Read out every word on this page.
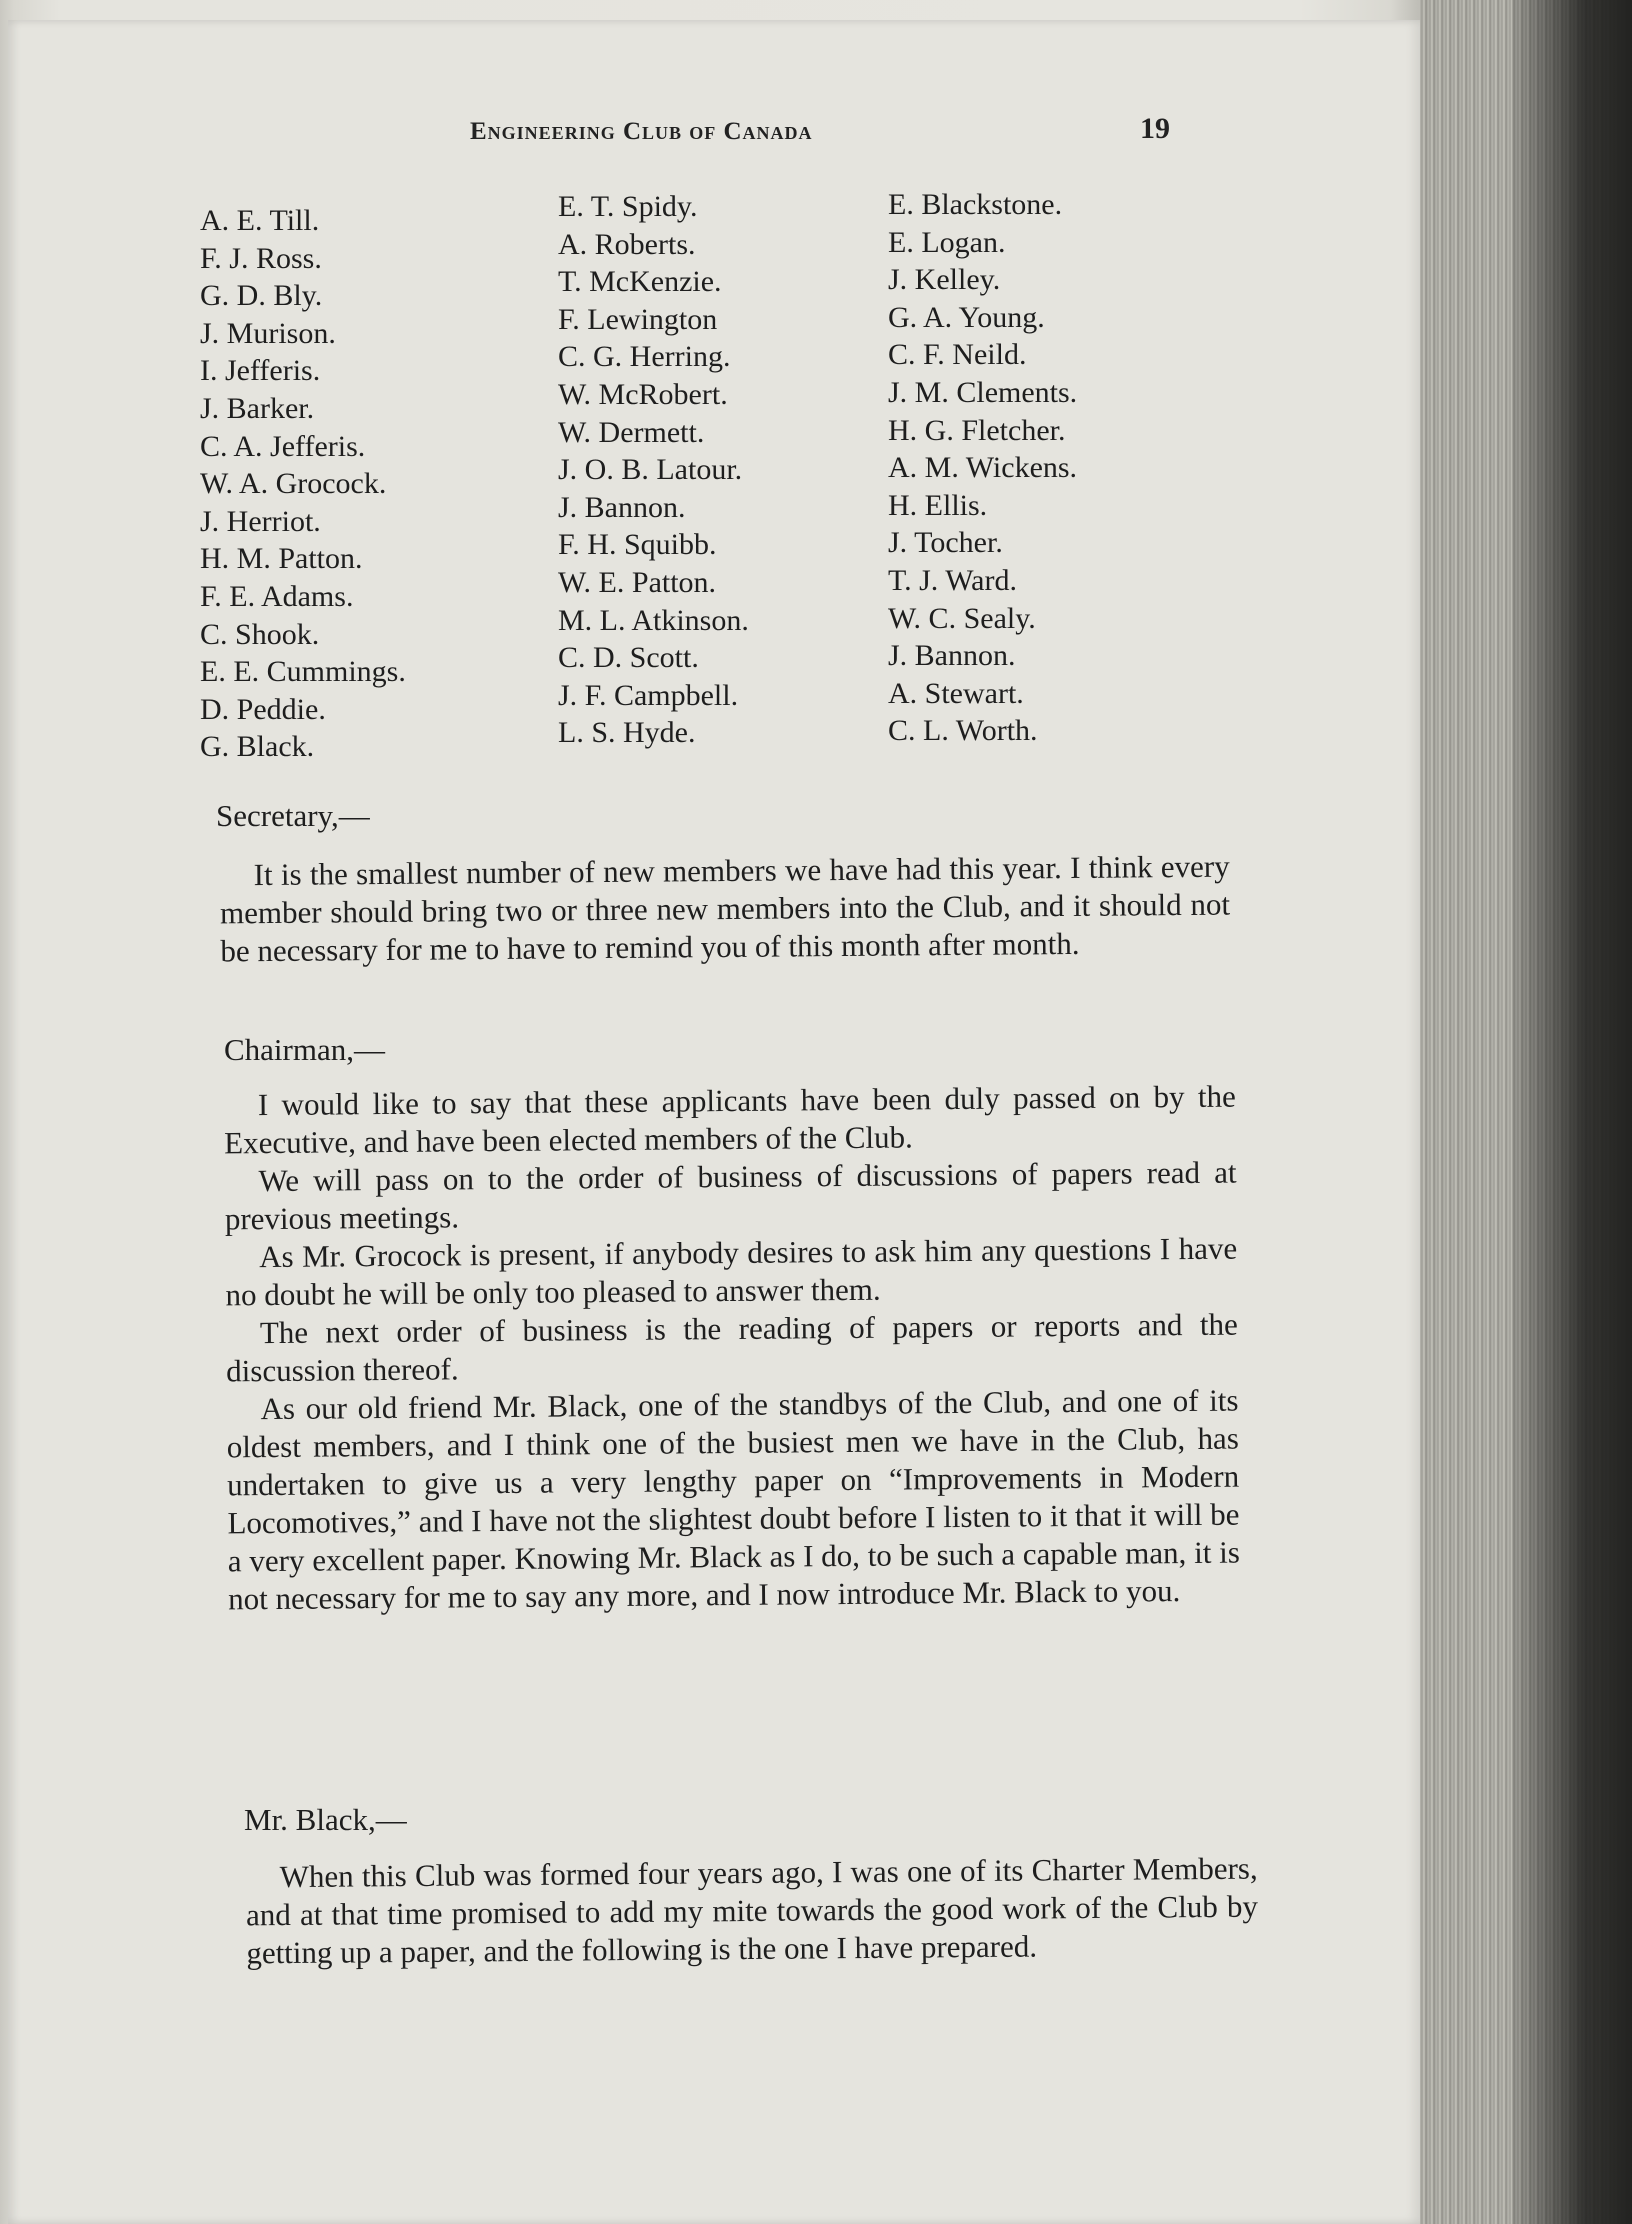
Engineering Club of Canada	19
A. E. Till.
F. J. Ross.
G. D. Bly.
J. Murison.
I. Jefferis.
J. Barker.
C. A. Jefferis.
W. A. Grocock.
J. Herriot.
H. M. Patton.
F. E. Adams.
C. Shook.
E. E. Cummings.
D. Peddie.
G. Black.
E. T. Spidy.
A. Roberts.
T. McKenzie.
F. Lewington
C. G. Herring.
W. McRobert.
W. Dermett.
J. O. B. Latour.
J. Bannon.
F. H. Squibb.
W. E. Patton.
M. L. Atkinson.
C. D. Scott.
J. F. Campbell.
L. S. Hyde.
E. Blackstone.
E. Logan.
J. Kelley.
G. A. Young.
C. F. Neild.
J. M. Clements.
H. G. Fletcher.
A. M. Wickens.
H. Ellis.
J. Tocher.
T. J. Ward.
W. C. Sealy.
J. Bannon.
A. Stewart.
C. L. Worth.
Secretary,—

It is the smallest number of new members we have had this year. I think every member should bring two or three new members into the Club, and it should not be necessary for me to have to remind you of this month after month.

Chairman,—

I would like to say that these applicants have been duly passed on by the Executive, and have been elected members of the Club.

We will pass on to the order of business of discussions of papers read at previous meetings.

As Mr. Grocock is present, if anybody desires to ask him any questions I have no doubt he will be only too pleased to answer them.

The next order of business is the reading of papers or reports and the discussion thereof.

As our old friend Mr. Black, one of the standbys of the Club, and one of its oldest members, and I think one of the busiest men we have in the Club, has undertaken to give us a very lengthy paper on “Improvements in Modern Locomotives,” and I have not the slightest doubt before I listen to it that it will be a very excellent paper. Knowing Mr. Black as I do, to be such a capable man, it is not necessary for me to say any more, and I now introduce Mr. Black to you.

Mr. Black,—

When this Club was formed four years ago, I was one of its Charter Members, and at that time promised to add my mite towards the good work of the Club by getting up a paper, and the following is the one I have prepared.
